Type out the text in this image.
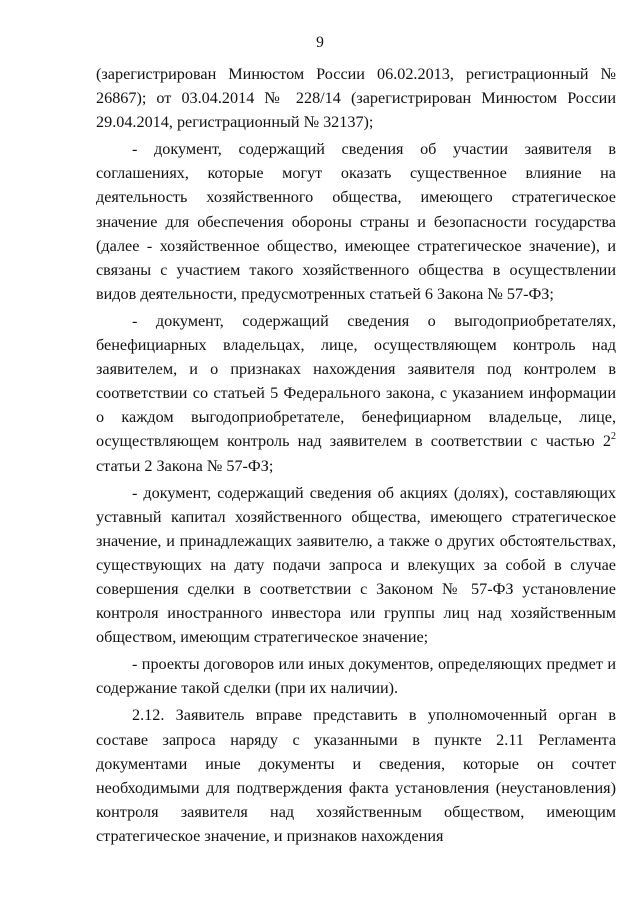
9

(зарегистрирован Минюстом России 06.02.2013, регистрационный № 26867); от 03.04.2014 № 228/14 (зарегистрирован Минюстом России 29.04.2014, регистрационный № 32137);

- документ, содержащий сведения об участии заявителя в соглашениях, которые могут оказать существенное влияние на деятельность хозяйственного общества, имеющего стратегическое значение для обеспечения обороны страны и безопасности государства (далее - хозяйственное общество, имеющее стратегическое значение), и связаны с участием такого хозяйственного общества в осуществлении видов деятельности, предусмотренных статьей 6 Закона № 57-ФЗ;

- документ, содержащий сведения о выгодоприобретателях, бенефициарных владельцах, лице, осуществляющем контроль над заявителем, и о признаках нахождения заявителя под контролем в соответствии со статьей 5 Федерального закона, с указанием информации о каждом выгодоприобретателе, бенефициарном владельце, лице, осуществляющем контроль над заявителем в соответствии с частью $2^2$ статьи 2 Закона № 57-ФЗ;

- документ, содержащий сведения об акциях (долях), составляющих уставный капитал хозяйственного общества, имеющего стратегическое значение, и принадлежащих заявителю, а также о других обстоятельствах, существующих на дату подачи запроса и влекущих за собой в случае совершения сделки в соответствии с Законом № 57-ФЗ установление контроля иностранного инвестора или группы лиц над хозяйственным обществом, имеющим стратегическое значение;

- проекты договоров или иных документов, определяющих предмет и содержание такой сделки (при их наличии).

2.12. Заявитель вправе представить в уполномоченный орган в составе запроса наряду с указанными в пункте 2.11 Регламента документами иные документы и сведения, которые он сочтет необходимыми для подтверждения факта установления (неустановления) контроля заявителя над хозяйственным обществом, имеющим стратегическое значение, и признаков нахождения
